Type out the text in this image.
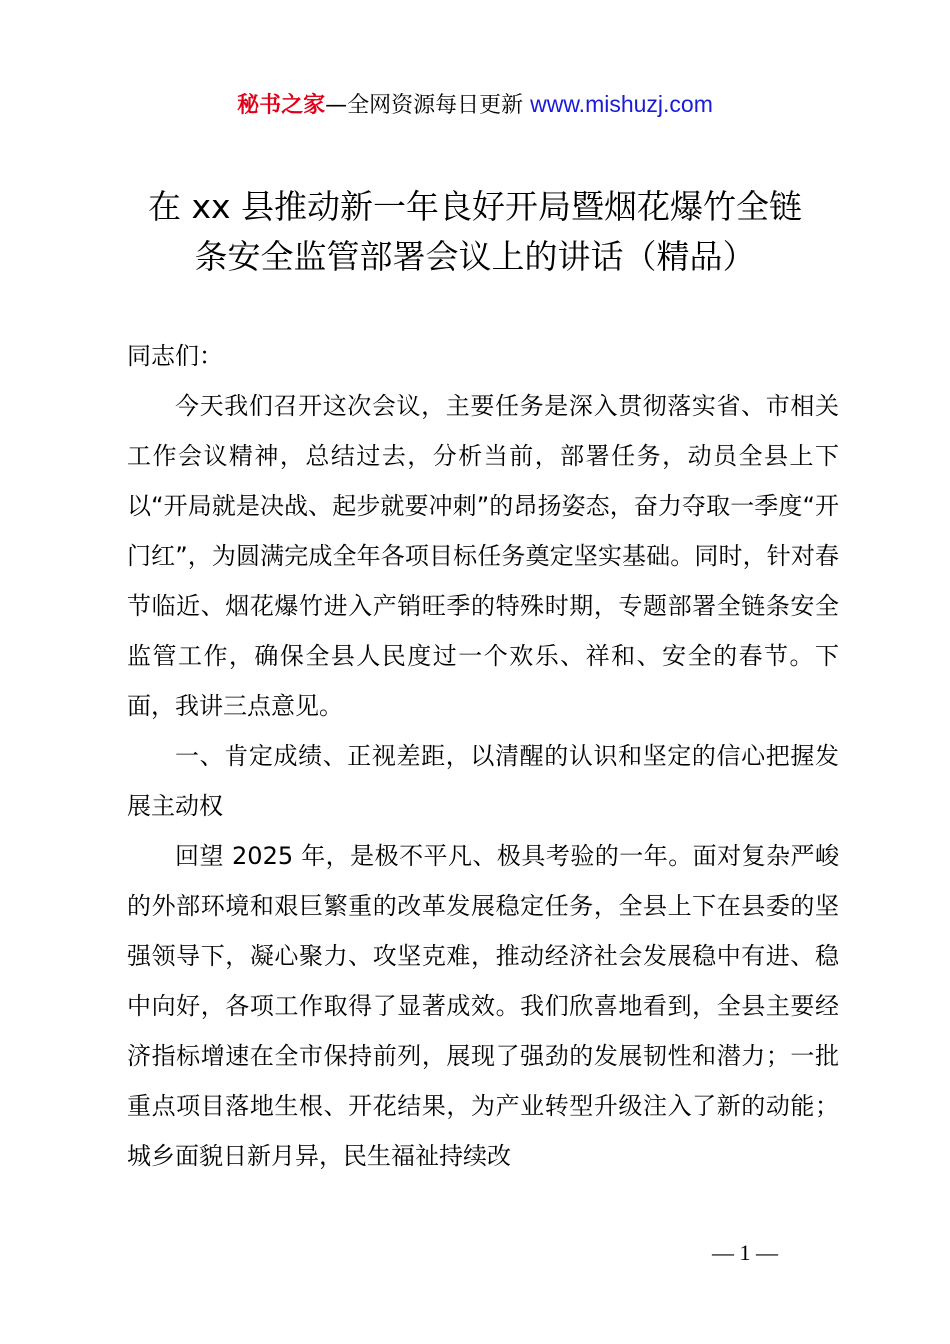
秘书之家—全网资源每日更新 www.mishuzj.com
在 xx 县推动新一年良好开局暨烟花爆竹全链
条安全监管部署会议上的讲话（精品）

同志们：

今天我们召开这次会议，主要任务是深入贯彻落实省、市相关工作会议精神，总结过去，分析当前，部署任务，动员全县上下以“开局就是决战、起步就要冲刺”的昂扬姿态，奋力夺取一季度“开门红”，为圆满完成全年各项目标任务奠定坚实基础。同时，针对春节临近、烟花爆竹进入产销旺季的特殊时期，专题部署全链条安全监管工作，确保全县人民度过一个欢乐、祥和、安全的春节。下面，我讲三点意见。

一、肯定成绩、正视差距，以清醒的认识和坚定的信心把握发展主动权

回望 2025 年，是极不平凡、极具考验的一年。面对复杂严峻的外部环境和艰巨繁重的改革发展稳定任务，全县上下在县委的坚强领导下，凝心聚力、攻坚克难，推动经济社会发展稳中有进、稳中向好，各项工作取得了显著成效。我们欣喜地看到，全县主要经济指标增速在全市保持前列，展现了强劲的发展韧性和潜力；一批重点项目落地生根、开花结果，为产业转型升级注入了新的动能；城乡面貌日新月异，民生福祉持续改

— 1 —
